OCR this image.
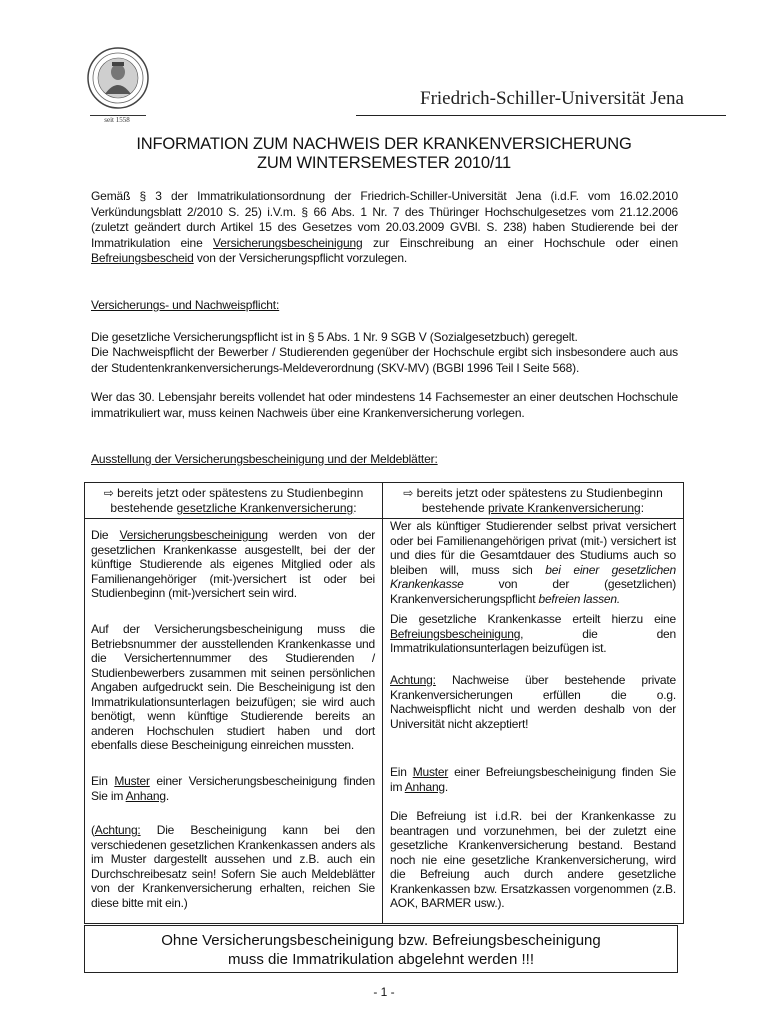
seit 1558
Friedrich-Schiller-Universität Jena
INFORMATION ZUM NACHWEIS DER KRANKENVERSICHERUNG
ZUM WINTERSEMESTER 2010/11
Gemäß § 3 der Immatrikulationsordnung der Friedrich-Schiller-Universität Jena (i.d.F. vom 16.02.2010 Verkündungsblatt 2/2010 S. 25) i.V.m. § 66 Abs. 1 Nr. 7 des Thüringer Hochschulgesetzes vom 21.12.2006 (zuletzt geändert durch Artikel 15 des Gesetzes vom 20.03.2009 GVBl. S. 238) haben Studierende bei der Immatrikulation eine Versicherungsbescheinigung zur Einschreibung an einer Hochschule oder einen Befreiungsbescheid von der Versicherungspflicht vorzulegen.
Versicherungs- und Nachweispflicht:
Die gesetzliche Versicherungspflicht ist in § 5 Abs. 1 Nr. 9 SGB V (Sozialgesetzbuch) geregelt.
Die Nachweispflicht der Bewerber / Studierenden gegenüber der Hochschule ergibt sich insbesondere auch aus der Studentenkrankenversicherungs-Meldeverordnung (SKV-MV) (BGBl 1996 Teil I Seite 568).
Wer das 30. Lebensjahr bereits vollendet hat oder mindestens 14 Fachsemester an einer deutschen Hochschule immatrikuliert war, muss keinen Nachweis über eine Krankenversicherung vorlegen.
Ausstellung der Versicherungsbescheinigung und der Meldeblätter:
⇨ bereits jetzt oder spätestens zu Studienbeginn
bestehende gesetzliche Krankenversicherung:
⇨ bereits jetzt oder spätestens zu Studienbeginn
bestehende private Krankenversicherung:
Die Versicherungsbescheinigung werden von der gesetzlichen Krankenkasse ausgestellt, bei der der künftige Studierende als eigenes Mitglied oder als Familienangehöriger (mit-)versichert ist oder bei Studienbeginn (mit-)versichert sein wird.
Auf der Versicherungsbescheinigung muss die Betriebsnummer der ausstellenden Krankenkasse und die Versichertennummer des Studierenden / Studienbewerbers zusammen mit seinen persönlichen Angaben aufgedruckt sein. Die Bescheinigung ist den Immatrikulationsunterlagen beizufügen; sie wird auch benötigt, wenn künftige Studierende bereits an anderen Hochschulen studiert haben und dort ebenfalls diese Bescheinigung einreichen mussten.
Ein Muster einer Versicherungsbescheinigung finden Sie im Anhang.
(Achtung: Die Bescheinigung kann bei den verschiedenen gesetzlichen Krankenkassen anders als im Muster dargestellt aussehen und z.B. auch ein Durchschreibesatz sein! Sofern Sie auch Meldeblätter von der Krankenversicherung erhalten, reichen Sie diese bitte mit ein.)
Wer als künftiger Studierender selbst privat versichert oder bei Familienangehörigen privat (mit-) versichert ist und dies für die Gesamtdauer des Studiums auch so bleiben will, muss sich bei einer gesetzlichen Krankenkasse von der (gesetzlichen) Krankenversicherungspflicht befreien lassen.
Die gesetzliche Krankenkasse erteilt hierzu eine Befreiungsbescheinigung, die den Immatrikulationsunterlagen beizufügen ist.
Achtung: Nachweise über bestehende private Krankenversicherungen erfüllen die o.g. Nachweispflicht nicht und werden deshalb von der Universität nicht akzeptiert!
Ein Muster einer Befreiungsbescheinigung finden Sie im Anhang.
Die Befreiung ist i.d.R. bei der Krankenkasse zu beantragen und vorzunehmen, bei der zuletzt eine gesetzliche Krankenversicherung bestand. Bestand noch nie eine gesetzliche Krankenversicherung, wird die Befreiung auch durch andere gesetzliche Krankenkassen bzw. Ersatzkassen vorgenommen (z.B. AOK, BARMER usw.).
Ohne Versicherungsbescheinigung bzw. Befreiungsbescheinigung
muss die Immatrikulation abgelehnt werden !!!
- 1 -
